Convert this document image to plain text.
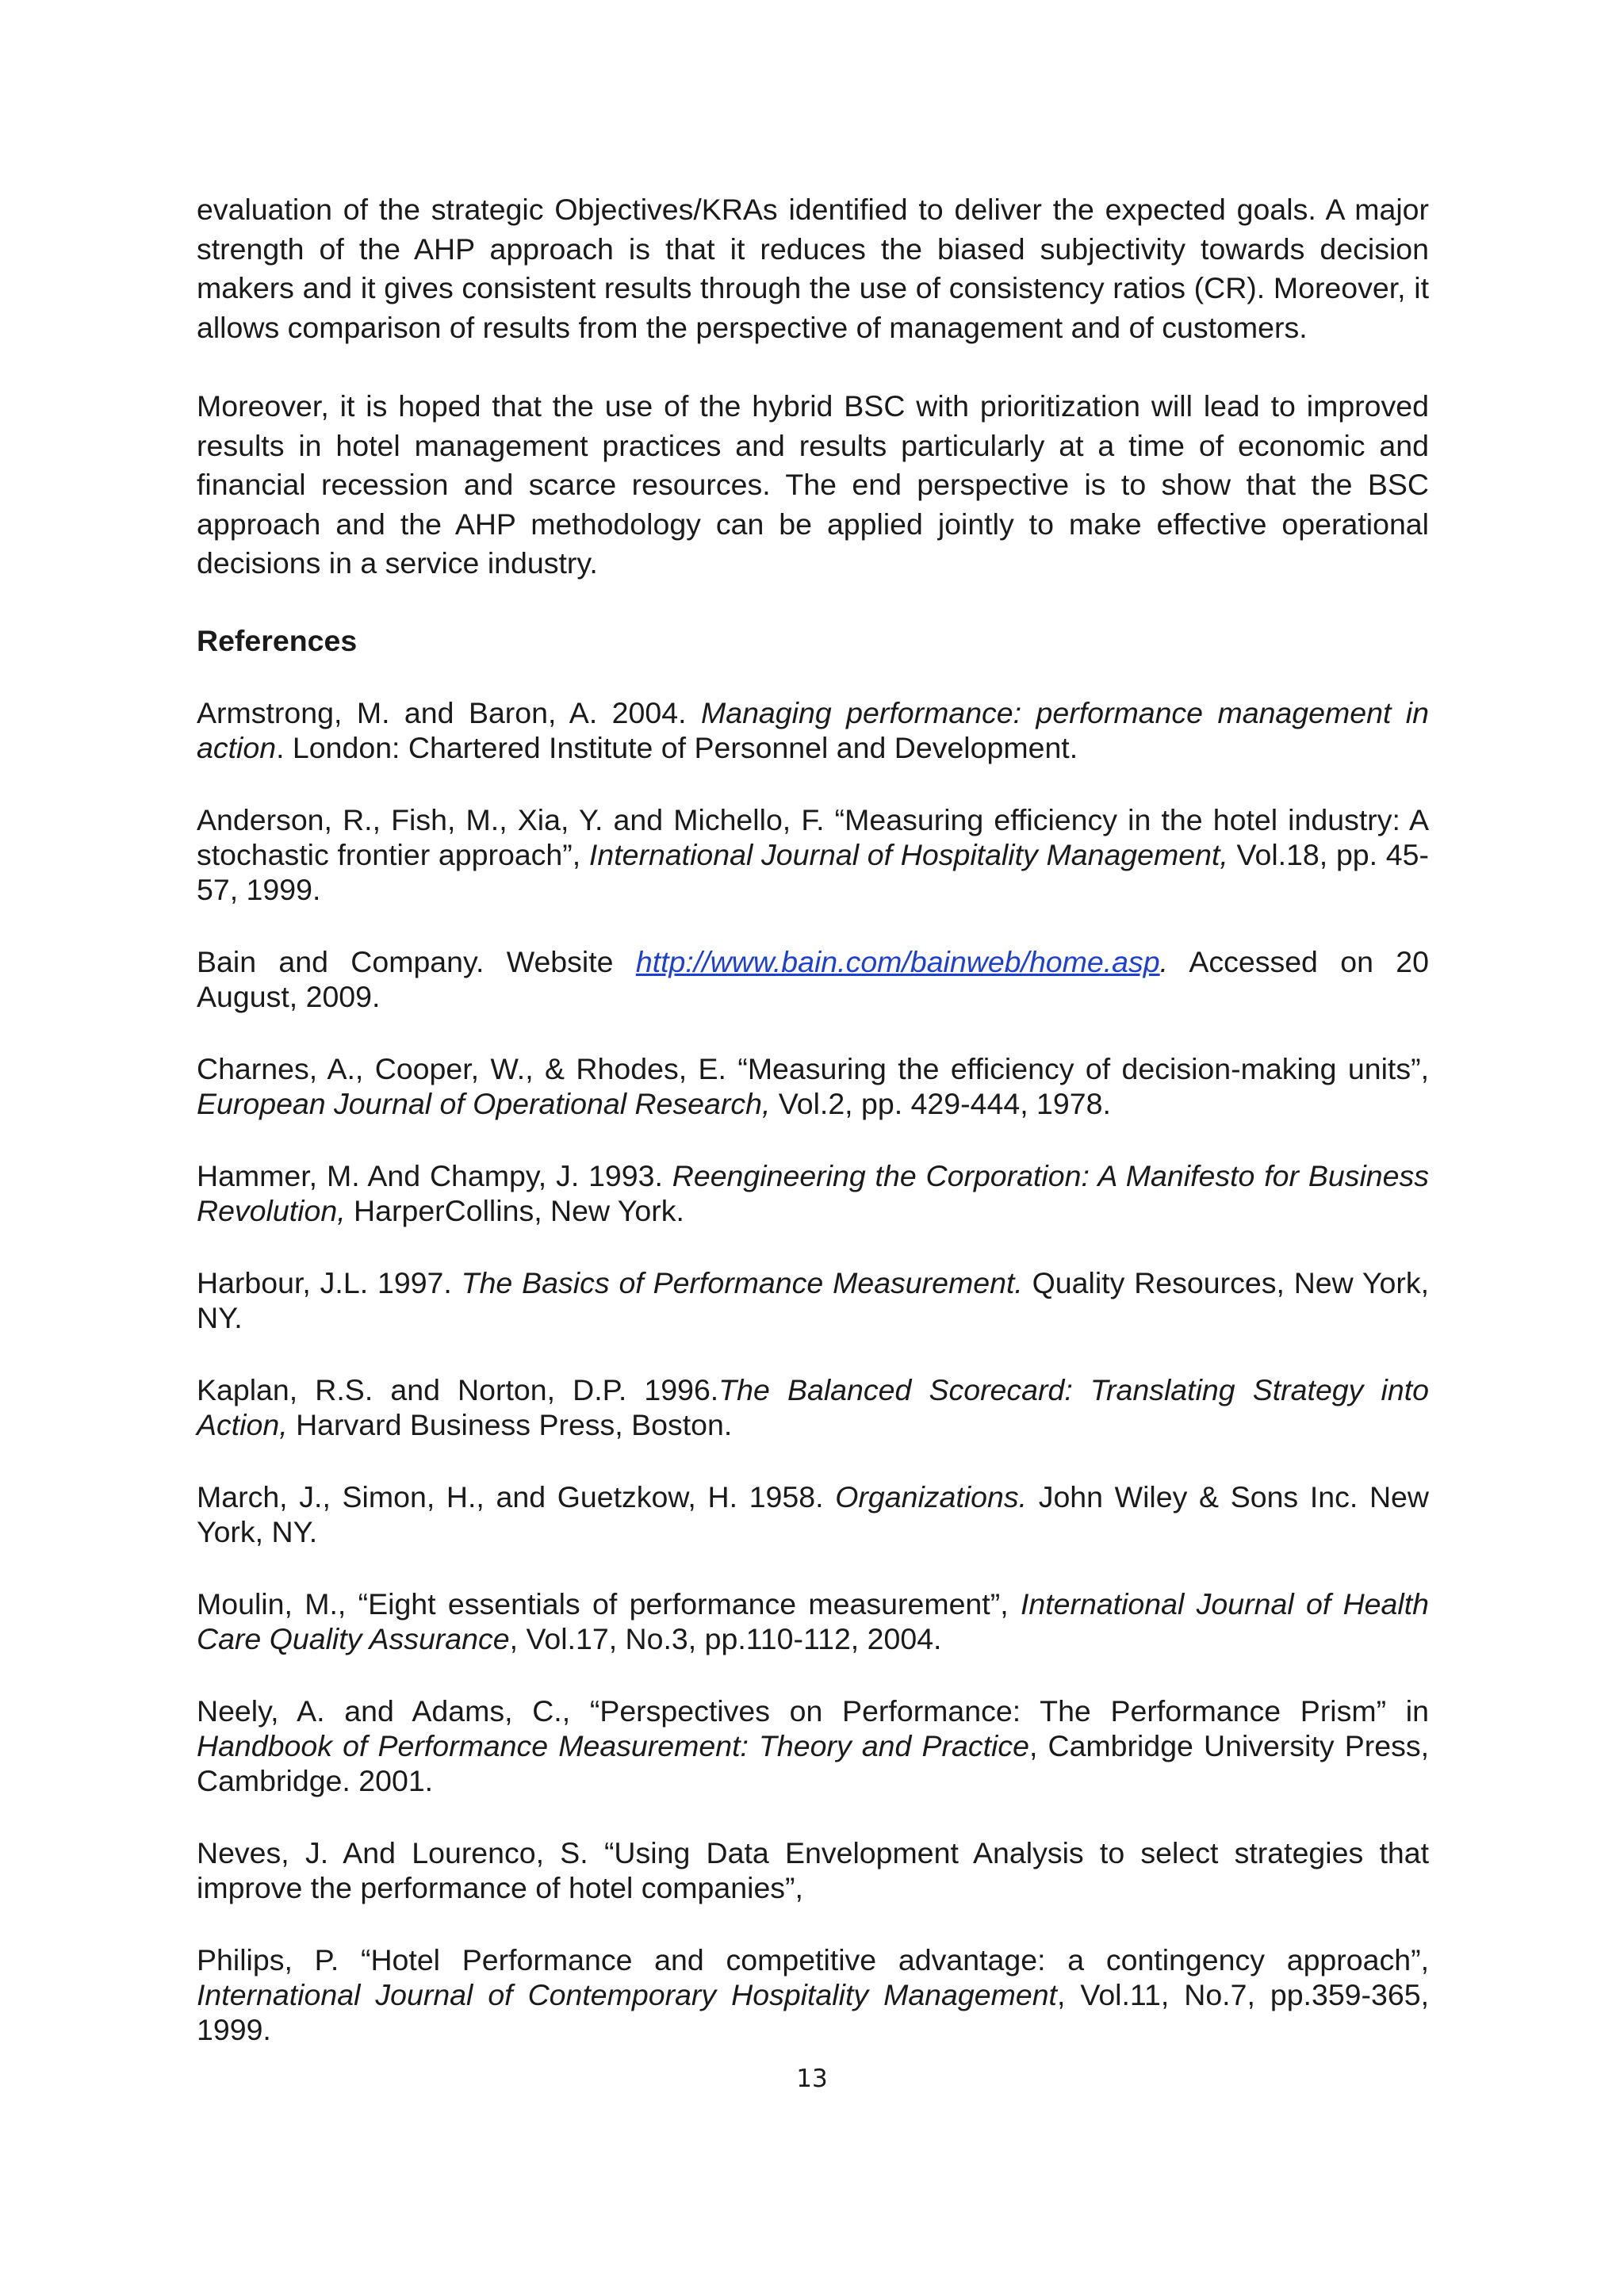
evaluation of the strategic Objectives/KRAs identified to deliver the expected goals. A major strength of the AHP approach is that it reduces the biased subjectivity towards decision makers and it gives consistent results through the use of consistency ratios (CR). Moreover, it allows comparison of results from the perspective of management and of customers.

Moreover, it is hoped that the use of the hybrid BSC with prioritization will lead to improved results in hotel management practices and results particularly at a time of economic and financial recession and scarce resources. The end perspective is to show that the BSC approach and the AHP methodology can be applied jointly to make effective operational decisions in a service industry.

References

Armstrong, M. and Baron, A. 2004. Managing performance: performance management in action. London: Chartered Institute of Personnel and Development.

Anderson, R., Fish, M., Xia, Y. and Michello, F. “Measuring efficiency in the hotel industry: A stochastic frontier approach”, International Journal of Hospitality Management, Vol.18, pp. 45-57, 1999.

Bain and Company. Website http://www.bain.com/bainweb/home.asp. Accessed on 20 August, 2009.

Charnes, A., Cooper, W., & Rhodes, E. “Measuring the efficiency of decision-making units”, European Journal of Operational Research, Vol.2, pp. 429-444, 1978.

Hammer, M. And Champy, J. 1993. Reengineering the Corporation: A Manifesto for Business Revolution, HarperCollins, New York.

Harbour, J.L. 1997. The Basics of Performance Measurement. Quality Resources, New York, NY.

Kaplan, R.S. and Norton, D.P. 1996.The Balanced Scorecard: Translating Strategy into Action, Harvard Business Press, Boston.

March, J., Simon, H., and Guetzkow, H. 1958. Organizations. John Wiley & Sons Inc. New York, NY.

Moulin, M., “Eight essentials of performance measurement”, International Journal of Health Care Quality Assurance, Vol.17, No.3, pp.110-112, 2004.

Neely, A. and Adams, C., “Perspectives on Performance: The Performance Prism” in Handbook of Performance Measurement: Theory and Practice, Cambridge University Press, Cambridge. 2001.

Neves, J. And Lourenco, S. “Using Data Envelopment Analysis to select strategies that improve the performance of hotel companies”,

Philips, P. “Hotel Performance and competitive advantage: a contingency approach”, International Journal of Contemporary Hospitality Management, Vol.11, No.7, pp.359-365, 1999.

13
